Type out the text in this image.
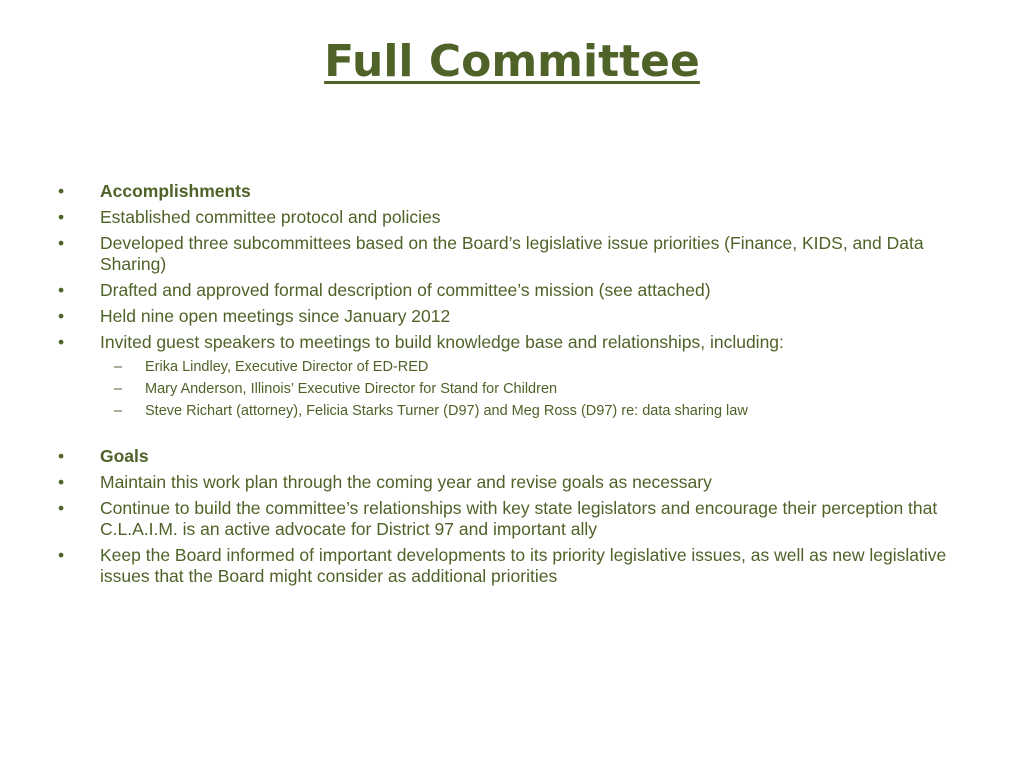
Full Committee
•	Accomplishments
•	Established committee protocol and policies
•	Developed three subcommittees based on the Board’s legislative issue priorities (Finance, KIDS, and Data Sharing)
•	Drafted and approved formal description of committee’s mission (see attached)
•	Held nine open meetings since January 2012
•	Invited guest speakers to meetings to build knowledge base and relationships, including:
– Erika Lindley, Executive Director of ED-RED
– Mary Anderson, Illinois’ Executive Director for Stand for Children
– Steve Richart (attorney), Felicia Starks Turner (D97) and Meg Ross (D97) re: data sharing law
•	Goals
•	Maintain this work plan through the coming year and revise goals as necessary
•	Continue to build the committee’s relationships with key state legislators and encourage their perception that C.L.A.I.M. is an active advocate for District 97 and important ally
•	Keep the Board informed of important developments to its priority legislative issues, as well as new legislative issues that the Board might consider as additional priorities
